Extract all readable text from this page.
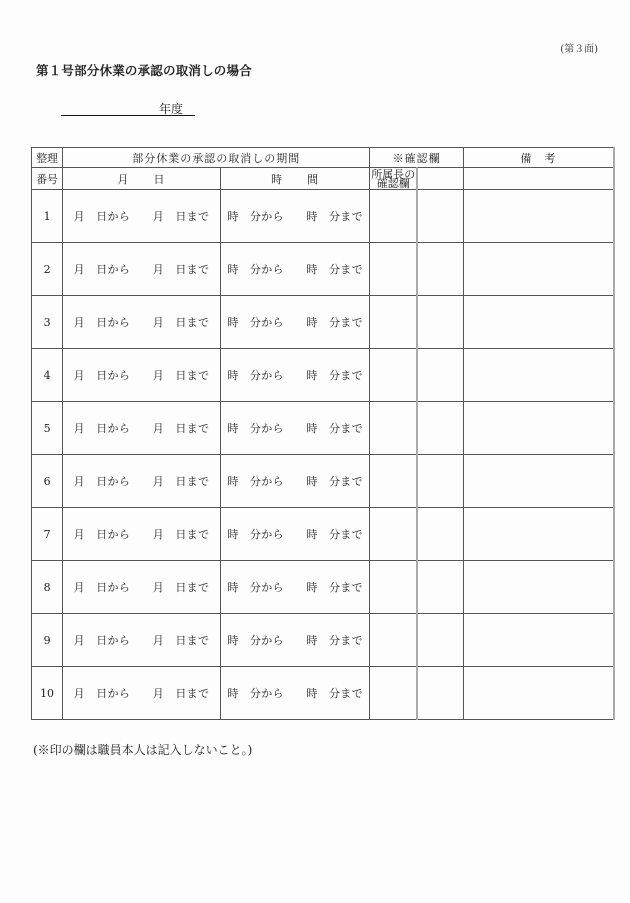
(第３面)
第１号部分休業の承認の取消しの場合
年度
整理	部分休業の承認の取消しの期間		※確認欄		備　考
番号	月　　日	時　　間	所属長の確認欄		
1	月　日から　　月　日まで	時　分から　　時　分まで			
2	月　日から　　月　日まで	時　分から　　時　分まで			
3	月　日から　　月　日まで	時　分から　　時　分まで			
4	月　日から　　月　日まで	時　分から　　時　分まで			
5	月　日から　　月　日まで	時　分から　　時　分まで			
6	月　日から　　月　日まで	時　分から　　時　分まで			
7	月　日から　　月　日まで	時　分から　　時　分まで			
8	月　日から　　月　日まで	時　分から　　時　分まで			
9	月　日から　　月　日まで	時　分から　　時　分まで			
10	月　日から　　月　日まで	時　分から　　時　分まで			
(※印の欄は職員本人は記入しないこと。)
